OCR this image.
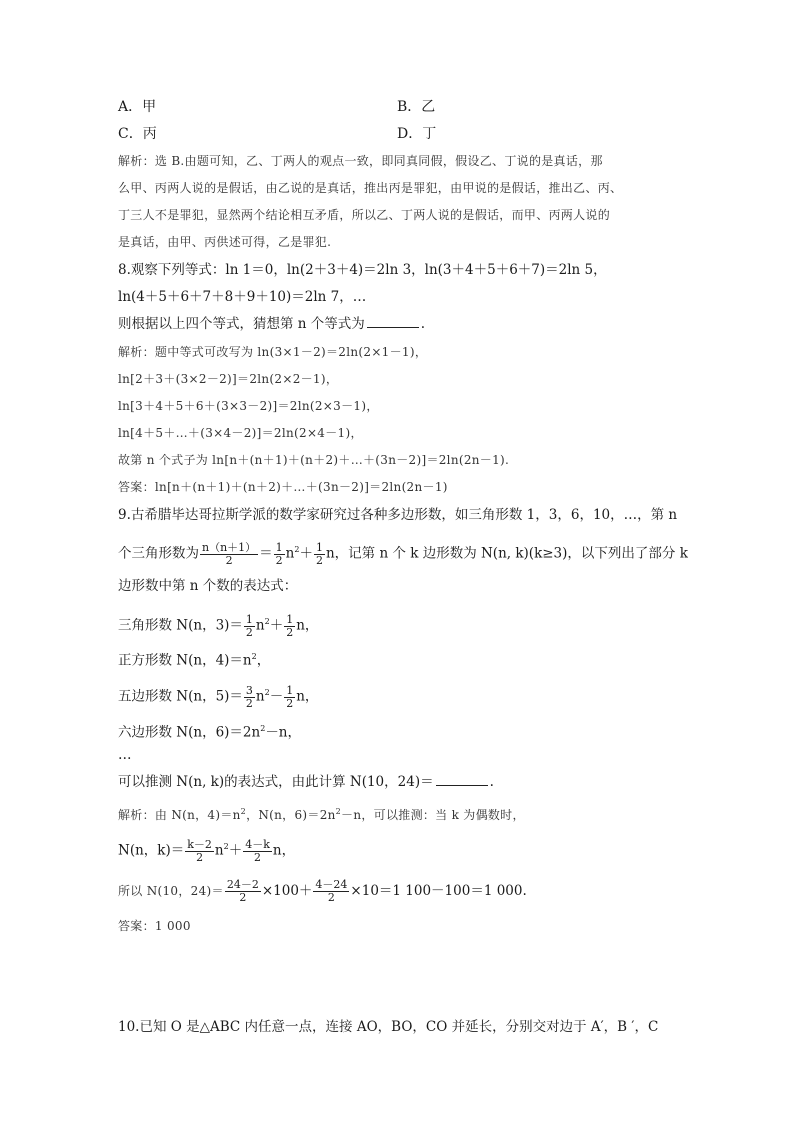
A．甲	B．乙
C．丙	D．丁
解析：选 B.由题可知，乙、丁两人的观点一致，即同真同假，假设乙、丁说的是真话，那
么甲、丙两人说的是假话，由乙说的是真话，推出丙是罪犯，由甲说的是假话，推出乙、丙、
丁三人不是罪犯，显然两个结论相互矛盾，所以乙、丁两人说的是假话，而甲、丙两人说的
是真话，由甲、丙供述可得，乙是罪犯.
8.观察下列等式：ln 1＝0，ln(2＋3＋4)＝2ln 3，ln(3＋4＋5＋6＋7)＝2ln 5，
ln(4＋5＋6＋7＋8＋9＋10)＝2ln 7，…
则根据以上四个等式，猜想第 n 个等式为	.
解析：题中等式可改写为 ln(3×1－2)＝2ln(2×1－1)，
ln[2＋3＋(3×2－2)]＝2ln(2×2－1)，
ln[3＋4＋5＋6＋(3×3－2)]＝2ln(2×3－1)，
ln[4＋5＋…＋(3×4－2)]＝2ln(2×4－1)，
故第 n 个式子为 ln[n＋(n＋1)＋(n＋2)＋…＋(3n－2)]＝2ln(2n－1).
答案：ln[n＋(n＋1)＋(n＋2)＋…＋(3n－2)]＝2ln(2n－1)
9.古希腊毕达哥拉斯学派的数学家研究过各种多边形数，如三角形数 1，3，6，10，…，第 n
个三角形数为 $\frac{n(n+1)}{2} = \frac{1}{2} n^2+ \frac{1}{2}$ n，记第 n 个 k 边形数为 N(n, k)(k≥3)，以下列出了部分 k
边形数中第 n 个数的表达式：
三角形数 N(n，$3)= \frac{1}{2} n^2+ \frac{1}{2}$ n，
正方形数 N(n，$4)=n^2$，
五边形数 N(n，$5)= \frac{3}{2} n^2- \frac{1}{2}$ n，
六边形数 N(n，$6)=2n^2-n$，
…
可以推测 N(n, k)的表达式，由此计算 N(10，24)＝	.
解析：由 N(n，$4)=n^2$，N(n，$6)=2n^2-n$，可以推测：当 k 为偶数时，
N(n，$k)= \frac{k-2}{2} n^2+ \frac{4-k}{2}$ n，
所以 N(10，$24)= \frac{24-2}{2} \times 100+ \frac{4-24}{2} \times 10=1$ 100－100＝1 000.
答案：1 000
10.已知 O 是△ABC 内任意一点，连接 AO，BO，CO 并延长，分别交对边于 A′，B ′，C
